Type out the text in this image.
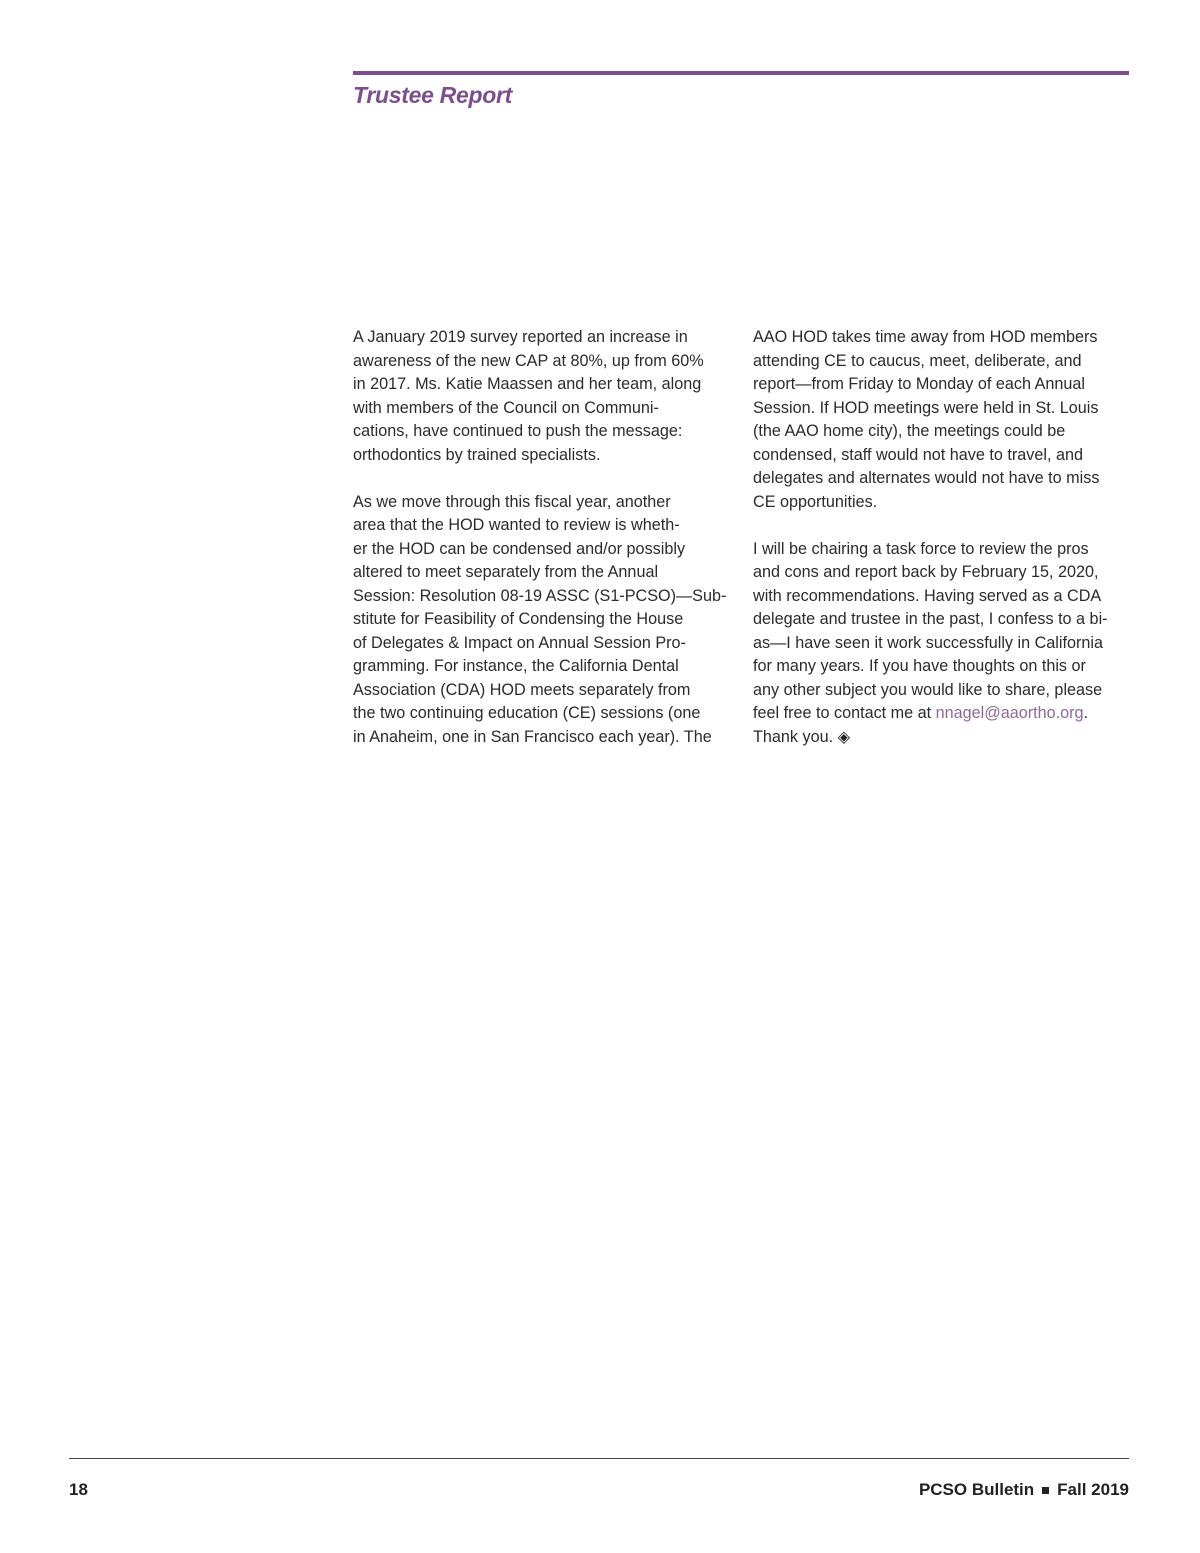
Trustee Report

A January 2019 survey reported an increase in
awareness of the new CAP at 80%, up from 60%
in 2017. Ms. Katie Maassen and her team, along
with members of the Council on Communi-
cations, have continued to push the message:
orthodontics by trained specialists.

As we move through this fiscal year, another
area that the HOD wanted to review is wheth-
er the HOD can be condensed and/or possibly
altered to meet separately from the Annual
Session: Resolution 08-19 ASSC (S1-PCSO)—Sub-
stitute for Feasibility of Condensing the House
of Delegates & Impact on Annual Session Pro-
gramming. For instance, the California Dental
Association (CDA) HOD meets separately from
the two continuing education (CE) sessions (one
in Anaheim, one in San Francisco each year). The

AAO HOD takes time away from HOD members
attending CE to caucus, meet, deliberate, and
report—from Friday to Monday of each Annual
Session. If HOD meetings were held in St. Louis
(the AAO home city), the meetings could be
condensed, staff would not have to travel, and
delegates and alternates would not have to miss
CE opportunities.

I will be chairing a task force to review the pros
and cons and report back by February 15, 2020,
with recommendations. Having served as a CDA
delegate and trustee in the past, I confess to a bi-
as—I have seen it work successfully in California
for many years. If you have thoughts on this or
any other subject you would like to share, please
feel free to contact me at nnagel@aaortho.org.
Thank you. ◈

18	PCSO Bulletin Fall 2019
